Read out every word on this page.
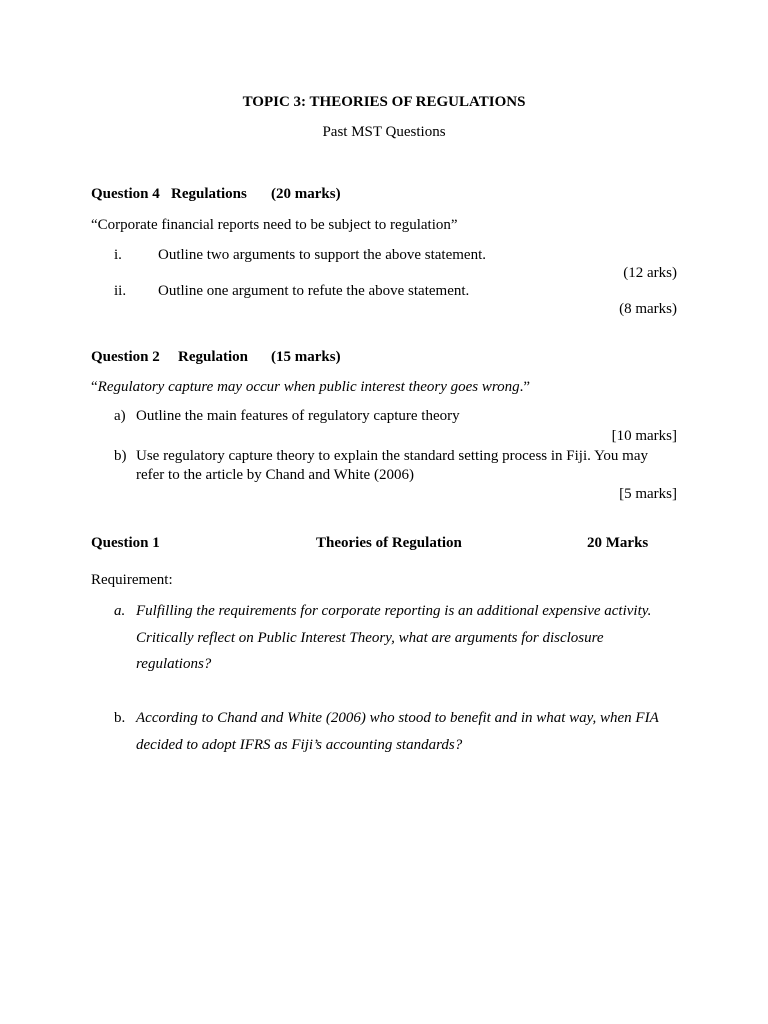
TOPIC 3: THEORIES OF REGULATIONS
Past MST Questions
Question 4 Regulations (20 marks)
“Corporate financial reports need to be subject to regulation”
i. Outline two arguments to support the above statement.
(12 arks)
ii. Outline one argument to refute the above statement.
(8 marks)
Question 2 Regulation (15 marks)
“Regulatory capture may occur when public interest theory goes wrong.”
a) Outline the main features of regulatory capture theory
[10 marks]
b) Use regulatory capture theory to explain the standard setting process in Fiji. You may
refer to the article by Chand and White (2006)
[5 marks]
Question 1	Theories of Regulation	20 Marks
Requirement:
a. Fulfilling the requirements for corporate reporting is an additional expensive activity.
Critically reflect on Public Interest Theory, what are arguments for disclosure
regulations?
b. According to Chand and White (2006) who stood to benefit and in what way, when FIA
decided to adopt IFRS as Fiji’s accounting standards?
